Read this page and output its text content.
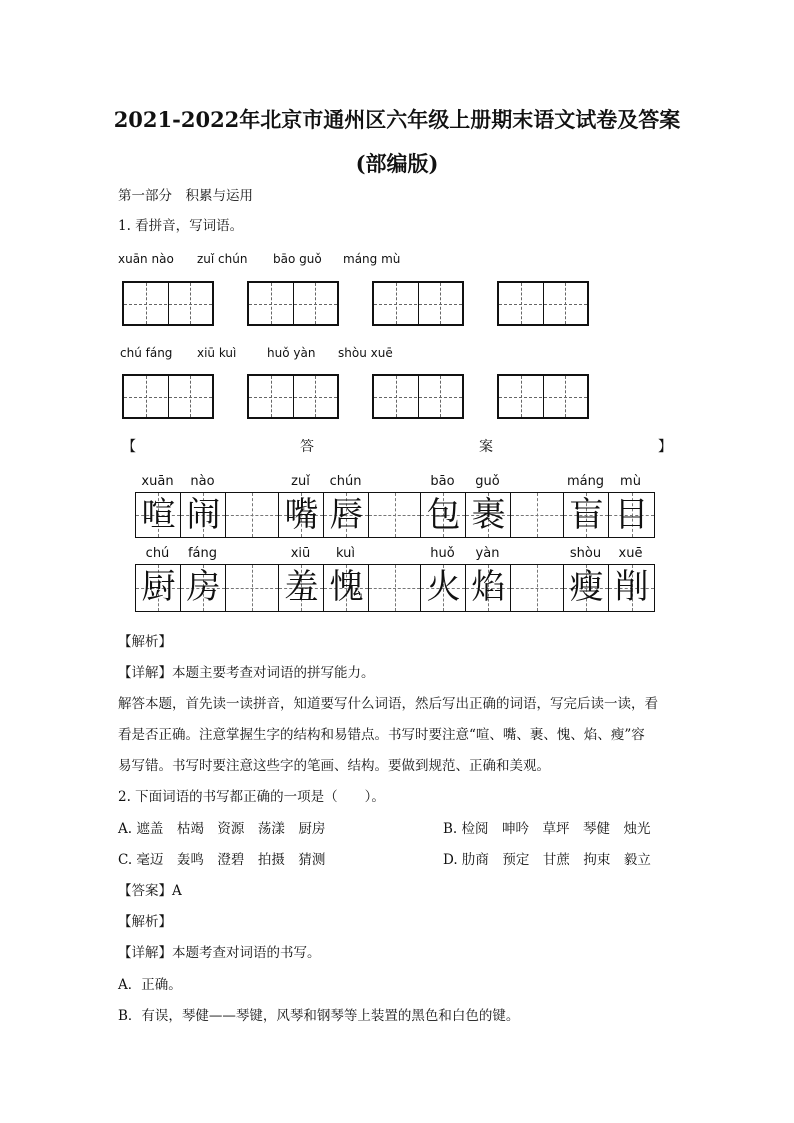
2021-2022年北京市通州区六年级上册期末语文试卷及答案
(部编版)
第一部分　积累与运用
1. 看拼音，写词语。
xuān nào zuǐ chún bāo guǒ máng mù
chú fáng xiū kuì	huǒ yàn shòu xuē
【	答	案	】
xuān	nào	zuǐ	chún	bāo	guǒ	máng	mù
喧 闹 嘴 唇 包 裹 盲 目
chú	fáng	xiū	kuì	huǒ	yàn	shòu	xuē
厨 房 羞 愧 火 焰 瘦 削
【解析】
【详解】本题主要考查对词语的拼写能力。
解答本题，首先读一读拼音，知道要写什么词语，然后写出正确的词语，写完后读一读，看
看是否正确。注意掌握生字的结构和易错点。书写时要注意“喧、嘴、裹、愧、焰、瘦”容
易写错。书写时要注意这些字的笔画、结构。要做到规范、正确和美观。
2. 下面词语的书写都正确的一项是（　　）。
A. 遮盖　枯竭　资源　荡漾　厨房	B. 检阅　呻吟　草坪　琴健　烛光
C. 毫迈　轰鸣　澄碧　拍摄　猜测	D. 肋商　预定　甘蔗　拘束　毅立
【答案】A
【解析】
【详解】本题考查对词语的书写。
A．正确。
B．有误，琴健——琴键，风琴和钢琴等上装置的黑色和白色的键。
